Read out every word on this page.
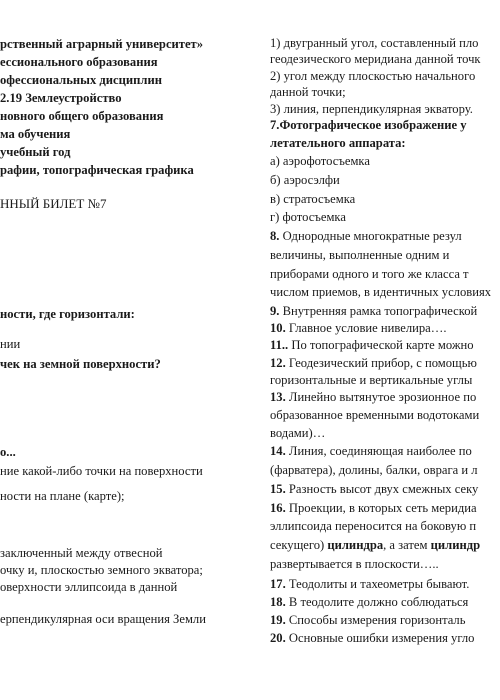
рственный аграрный университет»
ессионального образования
офессиональных дисциплин
2.19 Землеустройство
новного общего образования
ма обучения
учебный год
рафии, топографическая графика
ННЫЙ БИЛЕТ №7
ности, где горизонтали:
нии
чек на земной поверхности?
о...
ние какой-либо точки на поверхности
ности на плане (карте);
заключенный между отвесной
очку и, плоскостью земного экватора;
оверхности эллипсоида в данной
ерпендикулярная оси вращения Земли
1) двугранный угол, составленный пло
геодезического меридиана данной точк
2) угол между плоскостью начального
данной точки;
3) линия, перпендикулярная экватору.
7.Фотографическое изображение у
летательного аппарата:
а) аэрофотосъемка
б) аэросэлфи
в) стратосъемка
г) фотосъемка
8. Однородные многократные резул
величины, выполненные одним и
приборами одного и того же класса т
числом приемов, в идентичных условиях
9. Внутренняя рамка топографической
10. Главное условие нивелира….
11.. По топографической карте можно
12. Геодезический прибор, с помощью
горизонтальные и вертикальные углы
13. Линейно вытянутое эрозионное по
образованное временными водотоками
водами)…
14. Линия, соединяющая наиболее по
(фарватера), долины, балки, оврага и л
15. Разность высот двух смежных секу
16. Проекции, в которых сеть меридиа
эллипсоида переносится на боковую п
секущего) цилиндра, а затем цилиндр
развертывается в плоскости…..
17. Теодолиты и тахеометры бывают.
18. В теодолите должно соблюдаться
19. Способы измерения горизонталь
20. Основные ошибки измерения угло
